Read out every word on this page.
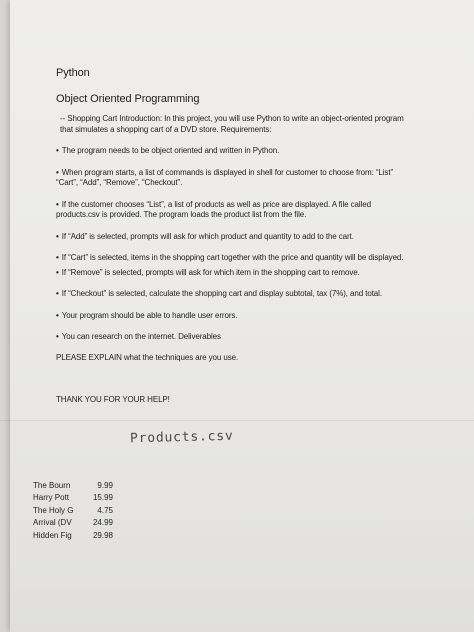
Python
Object Oriented Programming

-- Shopping Cart Introduction: In this project, you will use Python to write an object-oriented program

that simulates a shopping cart of a DVD store. Requirements:

• The program needs to be object oriented and written in Python.

• When program starts, a list of commands is displayed in shell for customer to choose from: “List”

“Cart”, “Add”, “Remove”, “Checkout”.

• If the customer chooses “List”, a list of products as well as price are displayed. A file called

products.csv is provided. The program loads the product list from the file.

• If “Add” is selected, prompts will ask for which product and quantity to add to the cart.
• If “Cart” is selected, items in the shopping cart together with the price and quantity will be displayed.
• If “Remove” is selected, prompts will ask for which item in the shopping cart to remove.
• If “Checkout” is selected, calculate the shopping cart and display subtotal, tax (7%), and total.
• Your program should be able to handle user errors.
• You can research on the internet. Deliverables

PLEASE EXPLAIN what the techniques are you use.

THANK YOU FOR YOUR HELP!

Products.csv
The Bourn	9.99
Harry Pott	15.99
The Holy G	4.75
Arrival (DV	24.99
Hidden Fig	29.98
